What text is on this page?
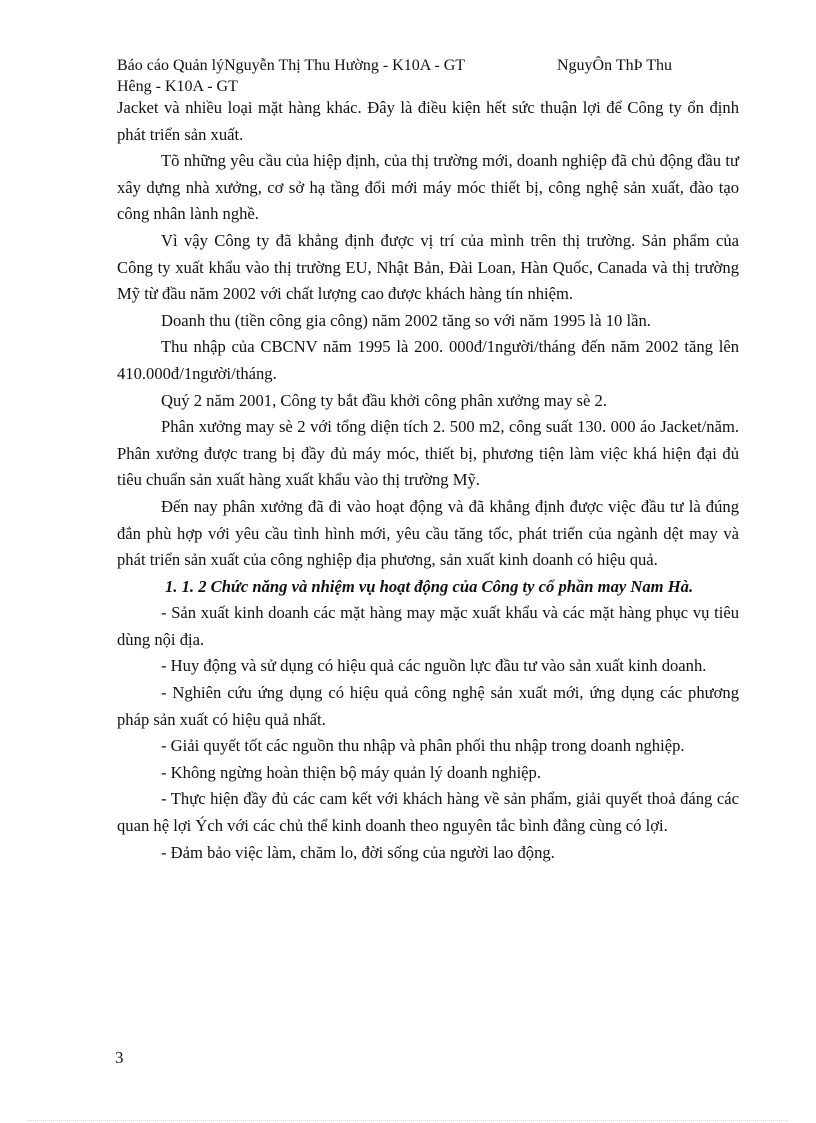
Báo cáo Quản lýNguyễn Thị Thu Hường - K10A - GT	NguyÔn ThÞ Thu
Hêng - K10A - GT

Jacket và nhiều loại mặt hàng khác. Đây là điều kiện hết sức thuận lợi để Công ty ổn định phát triển sản xuất.

Tõ những yêu cầu của hiệp định, của thị trường mới, doanh nghiệp đã chủ động đầu tư xây dựng nhà xưởng, cơ sở hạ tầng đổi mới máy móc thiết bị, công nghệ sản xuất, đào tạo công nhân lành nghề.

Vì vậy Công ty đã khẳng định được vị trí của mình trên thị trường. Sản phẩm của Công ty xuất khẩu vào thị trường EU, Nhật Bản, Đài Loan, Hàn Quốc, Canada và thị trường Mỹ từ đầu năm 2002 với chất lượng cao được khách hàng tín nhiệm.

Doanh thu (tiền công gia công) năm 2002 tăng so với năm 1995 là 10 lần.

Thu nhập của CBCNV năm 1995 là 200. 000đ/1người/tháng đến năm 2002 tăng lên 410.000đ/1người/tháng.

Quý 2 năm 2001, Công ty bắt đầu khởi công phân xưởng may sè 2.

Phân xưởng may sè 2 với tổng diện tích 2. 500 m2, công suất 130. 000 áo Jacket/năm. Phân xưởng được trang bị đầy đủ máy móc, thiết bị, phương tiện làm việc khá hiện đại đủ tiêu chuẩn sản xuất hàng xuất khẩu vào thị trường Mỹ.

Đến nay phân xưởng đã đi vào hoạt động và đã khẳng định được việc đầu tư là đúng đắn phù hợp với yêu cầu tình hình mới, yêu cầu tăng tốc, phát triển của ngành dệt may và phát triển sản xuất của công nghiệp địa phương, sản xuất kinh doanh có hiệu quả.

1. 1. 2 Chức năng và nhiệm vụ hoạt động của Công ty cổ phần may Nam Hà.

- Sản xuất kinh doanh các mặt hàng may mặc xuất khẩu và các mặt hàng phục vụ tiêu dùng nội địa.

- Huy động và sử dụng có hiệu quả các nguồn lực đầu tư vào sản xuất kinh doanh.

- Nghiên cứu ứng dụng có hiệu quả công nghệ sản xuất mới, ứng dụng các phương pháp sản xuất có hiệu quả nhất.

- Giải quyết tốt các nguồn thu nhập và phân phối thu nhập trong doanh nghiệp.

- Không ngừng hoàn thiện bộ máy quản lý doanh nghiệp.

- Thực hiện đầy đủ các cam kết với khách hàng về sản phẩm, giải quyết thoả đáng các quan hệ lợi Ých với các chủ thể kinh doanh theo nguyên tắc bình đẳng cùng có lợi.

- Đảm bảo việc làm, chăm lo, đời sống của người lao động.

3
